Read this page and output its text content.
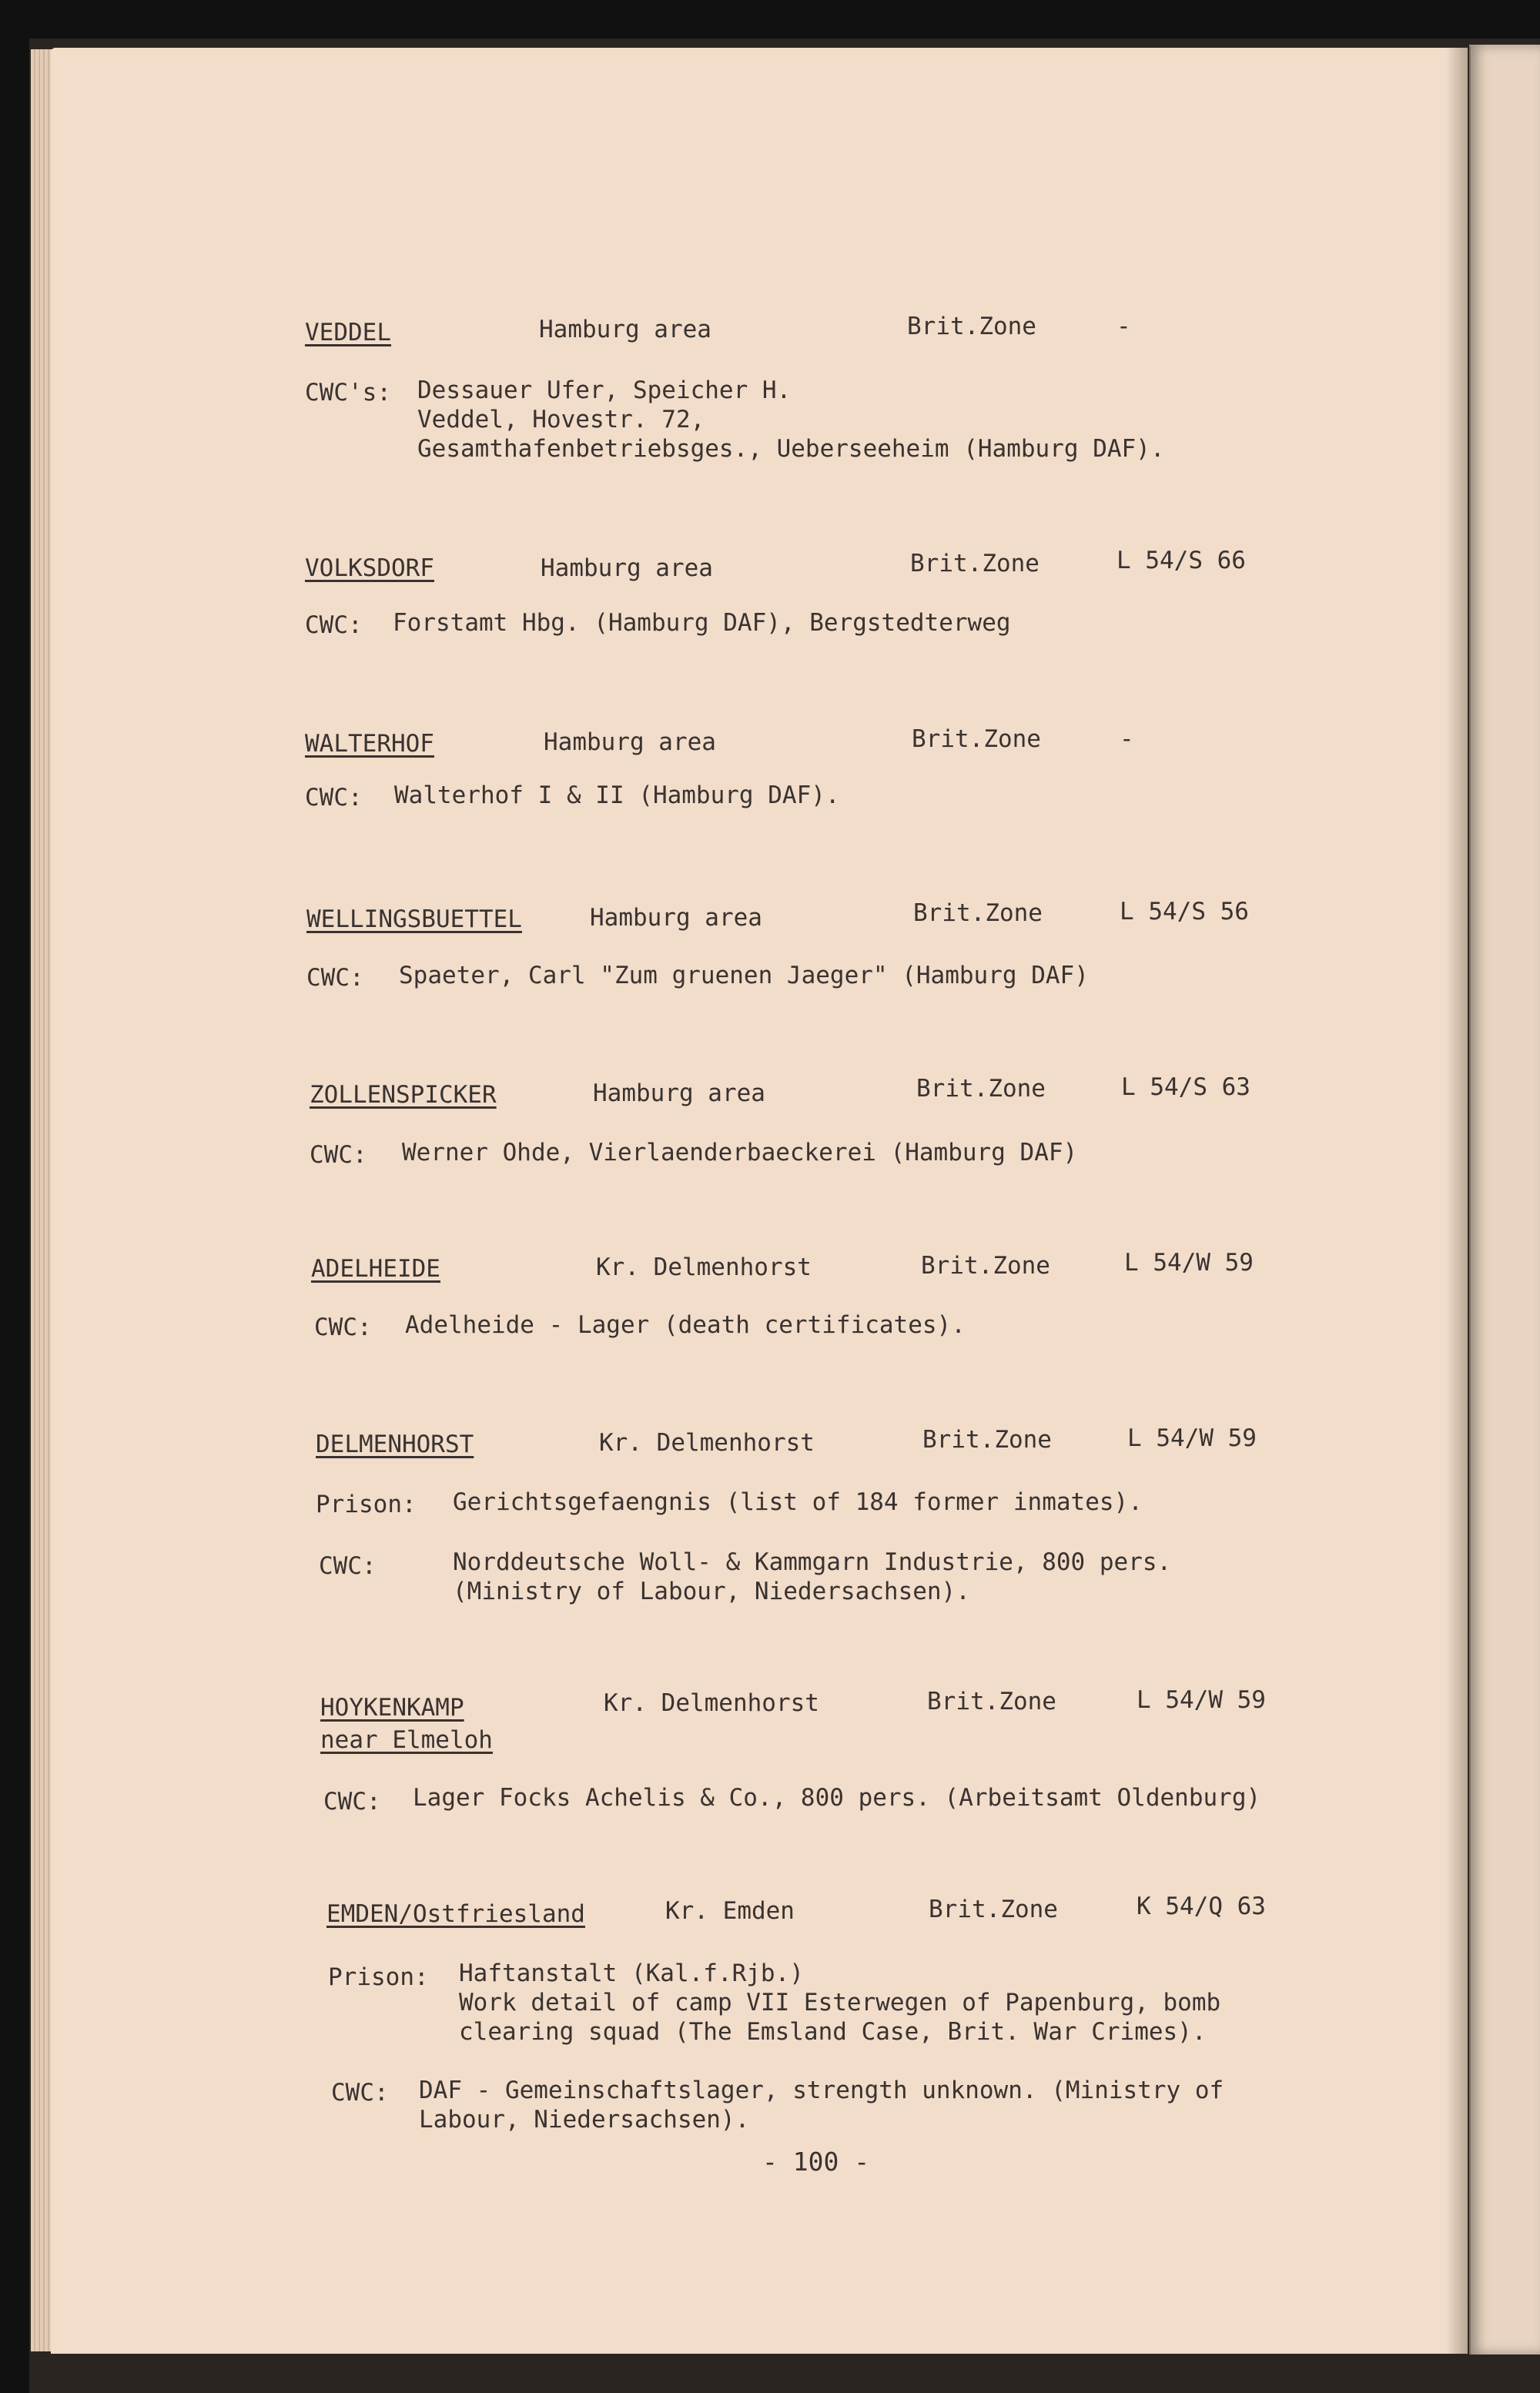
VEDDEL	Hamburg area	Brit.Zone	-
CWC's: Dessauer Ufer, Speicher H.
Veddel, Hovestr. 72,
Gesamthafenbetriebsges., Ueberseeheim (Hamburg DAF).
VOLKSDORF	Hamburg area	Brit.Zone	L 54/S 66
CWC: Forstamt Hbg. (Hamburg DAF), Bergstedterweg
WALTERHOF	Hamburg area	Brit.Zone	-
CWC: Walterhof I & II (Hamburg DAF).
WELLINGSBUETTEL	Hamburg area	Brit.Zone	L 54/S 56
CWC: Spaeter, Carl "Zum gruenen Jaeger" (Hamburg DAF)
ZOLLENSPICKER	Hamburg area	Brit.Zone	L 54/S 63
CWC: Werner Ohde, Vierlaenderbaeckerei (Hamburg DAF)
ADELHEIDE	Kr. Delmenhorst	Brit.Zone	L 54/W 59
CWC: Adelheide - Lager (death certificates).
DELMENHORST	Kr. Delmenhorst	Brit.Zone	L 54/W 59
Prison: Gerichtsgefaengnis (list of 184 former inmates).
CWC:	Norddeutsche Woll- & Kammgarn Industrie, 800 pers.
(Ministry of Labour, Niedersachsen).
HOYKENKAMP
near Elmeloh
Kr. Delmenhorst	Brit.Zone	L 54/W 59
CWC: Lager Focks Achelis & Co., 800 pers. (Arbeitsamt Oldenburg)
EMDEN/Ostfriesland	Kr. Emden	Brit.Zone	K 54/Q 63
Prison: Haftanstalt (Kal.f.Rjb.)
Work detail of camp VII Esterwegen of Papenburg, bomb
clearing squad (The Emsland Case, Brit. War Crimes).
CWC: DAF - Gemeinschaftslager, strength unknown. (Ministry of
Labour, Niedersachsen).
- 100 -
